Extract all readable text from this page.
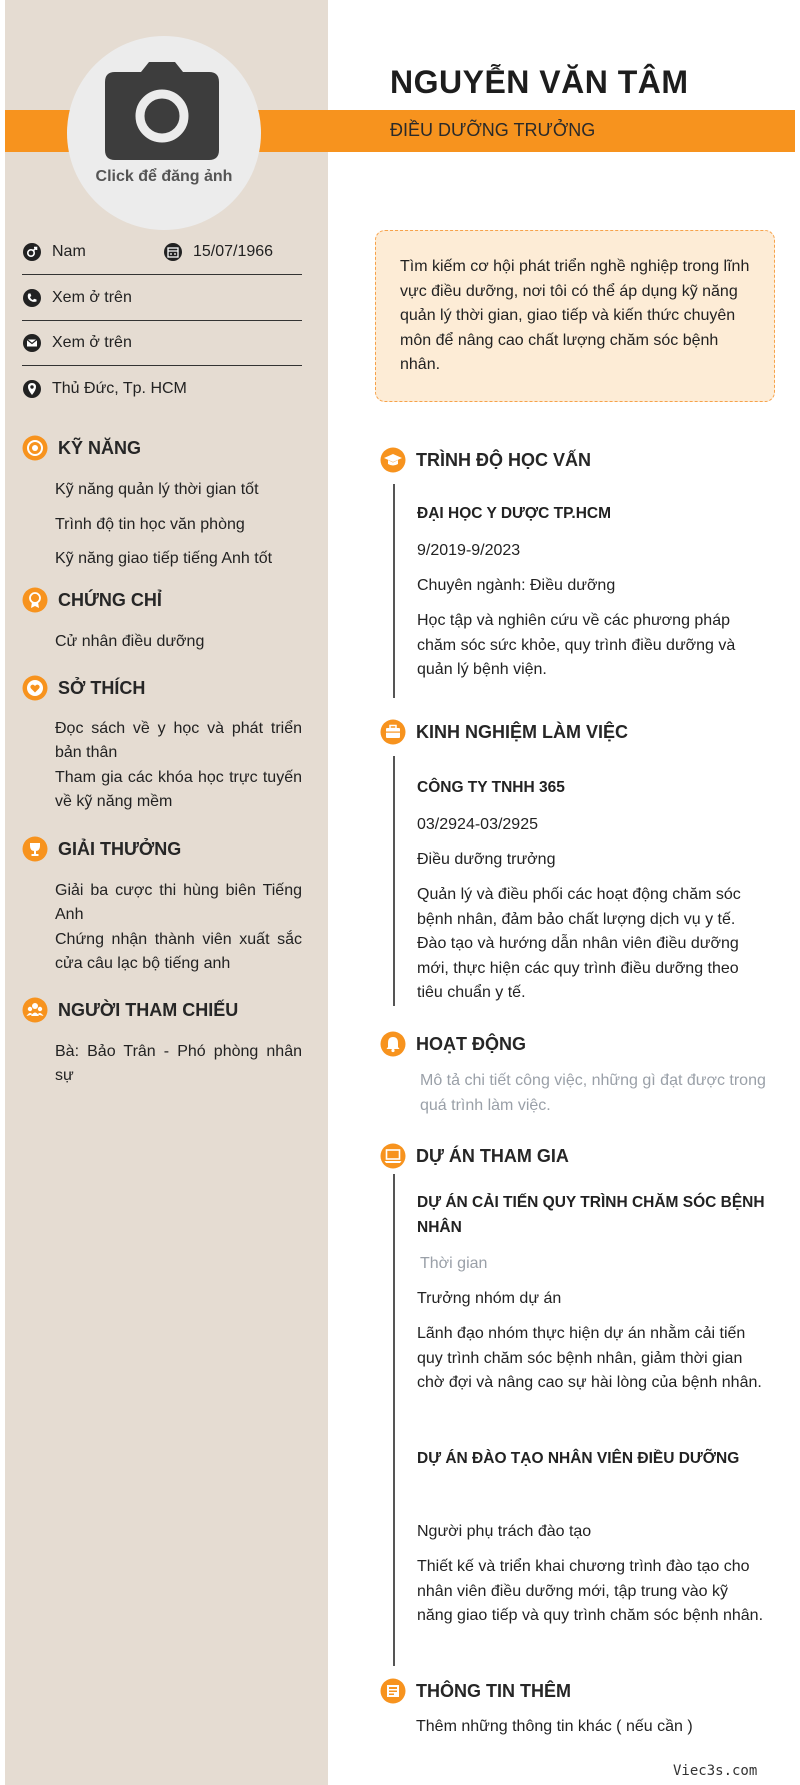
NGUYỄN VĂN TÂM
ĐIỀU DƯỠNG TRƯỞNG
Click để đăng ảnh
Nam	15/07/1966
Xem ở trên
Xem ở trên
Thủ Đức, Tp. HCM
KỸ NĂNG
Kỹ năng quản lý thời gian tốt
Trình độ tin học văn phòng
Kỹ năng giao tiếp tiếng Anh tốt
CHỨNG CHỈ
Cử nhân điều dưỡng
SỞ THÍCH
Đọc sách về y học và phát triển bản thân
Tham gia các khóa học trực tuyến về kỹ năng mềm
GIẢI THƯỞNG
Giải ba cược thi hùng biên Tiếng Anh
Chứng nhận thành viên xuất sắc cửa câu lạc bộ tiếng anh
NGƯỜI THAM CHIẾU
Bà: Bảo Trân - Phó phòng nhân sự
Tìm kiếm cơ hội phát triển nghề nghiệp trong lĩnh vực điều dưỡng, nơi tôi có thể áp dụng kỹ năng quản lý thời gian, giao tiếp và kiến thức chuyên môn để nâng cao chất lượng chăm sóc bệnh nhân.
TRÌNH ĐỘ HỌC VẤN
ĐẠI HỌC Y DƯỢC TP.HCM
9/2019-9/2023
Chuyên ngành: Điều dưỡng
Học tập và nghiên cứu về các phương pháp chăm sóc sức khỏe, quy trình điều dưỡng và quản lý bệnh viện.
KINH NGHIỆM LÀM VIỆC
CÔNG TY TNHH 365
03/2924-03/2925
Điều dưỡng trưởng
Quản lý và điều phối các hoạt động chăm sóc bệnh nhân, đảm bảo chất lượng dịch vụ y tế. Đào tạo và hướng dẫn nhân viên điều dưỡng mới, thực hiện các quy trình điều dưỡng theo tiêu chuẩn y tế.
HOẠT ĐỘNG
Mô tả chi tiết công việc, những gì đạt được trong quá trình làm việc.
DỰ ÁN THAM GIA
DỰ ÁN CẢI TIẾN QUY TRÌNH CHĂM SÓC BỆNH NHÂN
Thời gian
Trưởng nhóm dự án
Lãnh đạo nhóm thực hiện dự án nhằm cải tiến quy trình chăm sóc bệnh nhân, giảm thời gian chờ đợi và nâng cao sự hài lòng của bệnh nhân.
DỰ ÁN ĐÀO TẠO NHÂN VIÊN ĐIỀU DƯỠNG
Người phụ trách đào tạo
Thiết kế và triển khai chương trình đào tạo cho nhân viên điều dưỡng mới, tập trung vào kỹ năng giao tiếp và quy trình chăm sóc bệnh nhân.
THÔNG TIN THÊM
Thêm những thông tin khác ( nếu cần )
Viec3s.com
